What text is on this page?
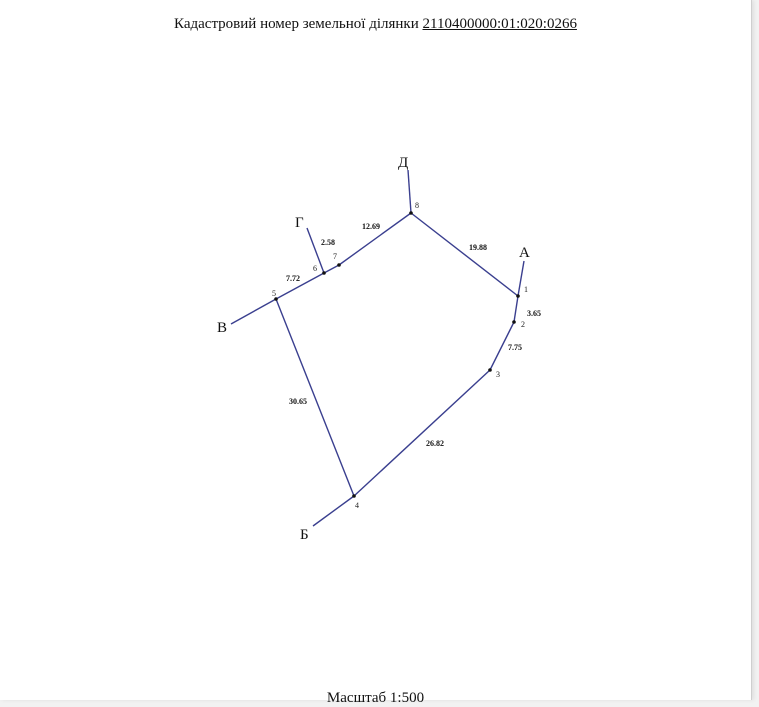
Кадастровий номер земельної ділянки 2110400000:01:020:0266
3.65
7.75
26.82
30.65
7.72
2.58
12.69
19.88 А
Б
В
Г
Д
1
2
3
4
5
6
7
8
Масштаб 1:500
